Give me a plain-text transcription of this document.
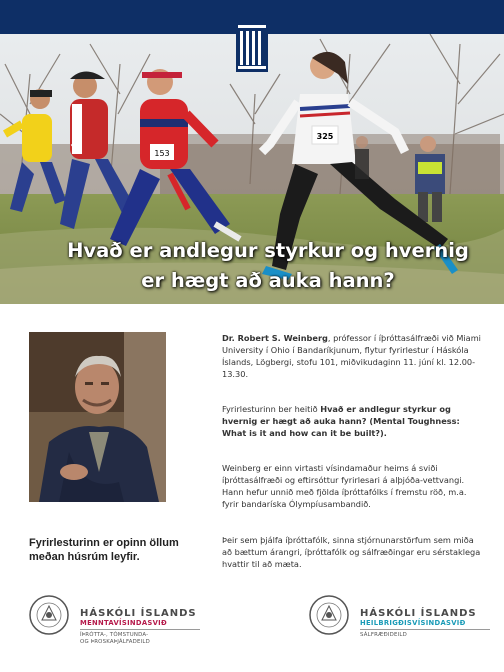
153
325
Hvað er andlegur styrkur og hvernig
er hægt að auka hann?
Fyrirlesturinn er opinn öllum
meðan húsrúm leyfir.
Dr. Robert S. Weinberg, prófessor í íþróttasálfræði við Miami University í Ohio í Bandaríkjunum, flytur fyrirlestur í Háskóla Íslands, Lögbergi, stofu 101, miðvikudaginn 11. júní kl. 12.00-13.30.
Fyrirlesturinn ber heitið Hvað er andlegur styrkur og hvernig er hægt að auka hann? (Mental Toughness: What is it and how can it be built?).
Weinberg er einn virtasti vísindamaður heims á sviði íþróttasálfræði og eftirsóttur fyrirlesari á alþjóða-vettvangi. Hann hefur unnið með fjölda íþróttafólks í fremstu röð, m.a. fyrir bandaríska Ólympíusambandið.
Þeir sem þjálfa íþróttafólk, sinna stjórnunarstörfum sem miða að bættum árangri, íþróttafólk og sálfræðingar eru sérstaklega hvattir til að mæta.
HÁSKÓLI ÍSLANDS
MENNTAVÍSINDASVIÐ
ÍÞRÓTTA-, TÓMSTUNDA-
OG ÞROSKAÞJÁLFADEILD
HÁSKÓLI ÍSLANDS
HEILBRIGÐISVÍSINDASVIÐ
SÁLFRÆÐIDEILD
